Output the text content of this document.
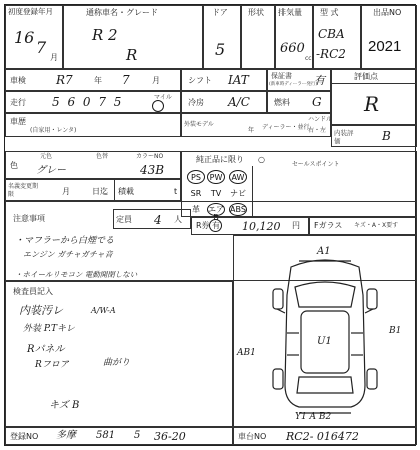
初度登録年月
16
7
月
通称車名・グレード
R 2
R
ドア
5
形状 排気量
660
cc
型 式
CBA
-RC2
出品NO
2021
車検	R7	年 7	月
走行 5 6 0 7 5	マイル
車歴
(自家用・レンタ)
シフト IAT
冷房 A/C
保証書
(新車時ディーラー発行)
有
燃料 G
外装モデル
年 ディーラー・並行
ハンドル
右・左
評価点
R
内装評価	B
色
元色	色替	カラーNO
グレー	43B
純正品に限り ○
セールスポイント
PS	PW	AW
SR	TV	ナビ
革	エアB
ABS
名義変更期限	月	日迄 積載	t
注意事項	定員 4 人
R券 有 10,120 円 Fガラス キズ・A・X要す
・マフラーから白煙でる
エンジン ガチャガチャ音
・ホイールリモコン 電動開閉しない
検査員記入
内装汚レ	A/W-A
外装 P.Tキレ
Rパネル
Rフロア	曲がり
キズ B
A1
AB1
B1
U1
Y1 A B2
登録NO 多摩 581 5 36-20	車台NO RC2- 016472
